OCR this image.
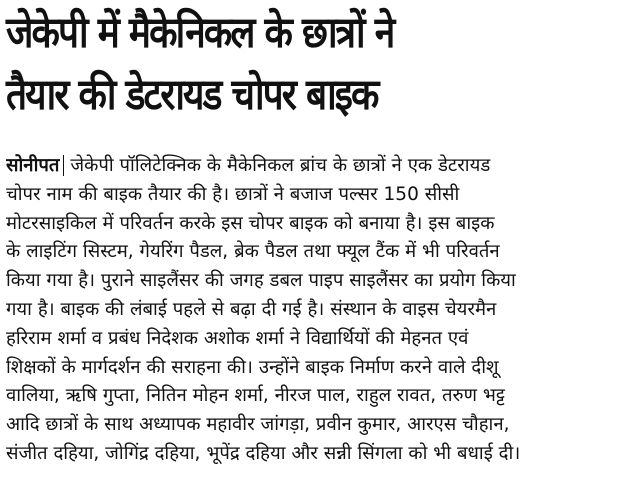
जेकेपी में मैकेनिकल के छात्रों ने
तैयार की डेटरायड चोपर बाइक
सोनीपत जेकेपी पॉलिटेक्निक के मैकेनिकल ब्रांच के छात्रों ने एक डेटरायड
चोपर नाम की बाइक तैयार की है। छात्रों ने बजाज पल्सर 150 सीसी
मोटरसाइकिल में परिवर्तन करके इस चोपर बाइक को बनाया है। इस बाइक
के लाइटिंग सिस्टम, गेयरिंग पैडल, ब्रेक पैडल तथा फ्यूल टैंक में भी परिवर्तन
किया गया है। पुराने साइलैंसर की जगह डबल पाइप साइलैंसर का प्रयोग किया
गया है। बाइक की लंबाई पहले से बढ़ा दी गई है। संस्थान के वाइस चेयरमैन
हरिराम शर्मा व प्रबंध निदेशक अशोक शर्मा ने विद्यार्थियों की मेहनत एवं
शिक्षकों के मार्गदर्शन की सराहना की। उन्होंने बाइक निर्माण करने वाले दीशू
वालिया, ऋषि गुप्ता, नितिन मोहन शर्मा, नीरज पाल, राहुल रावत, तरुण भट्ट
आदि छात्रों के साथ अध्यापक महावीर जांगड़ा, प्रवीन कुमार, आरएस चौहान,
संजीत दहिया, जोगिंद्र दहिया, भूपेंद्र दहिया और सन्नी सिंगला को भी बधाई दी।
